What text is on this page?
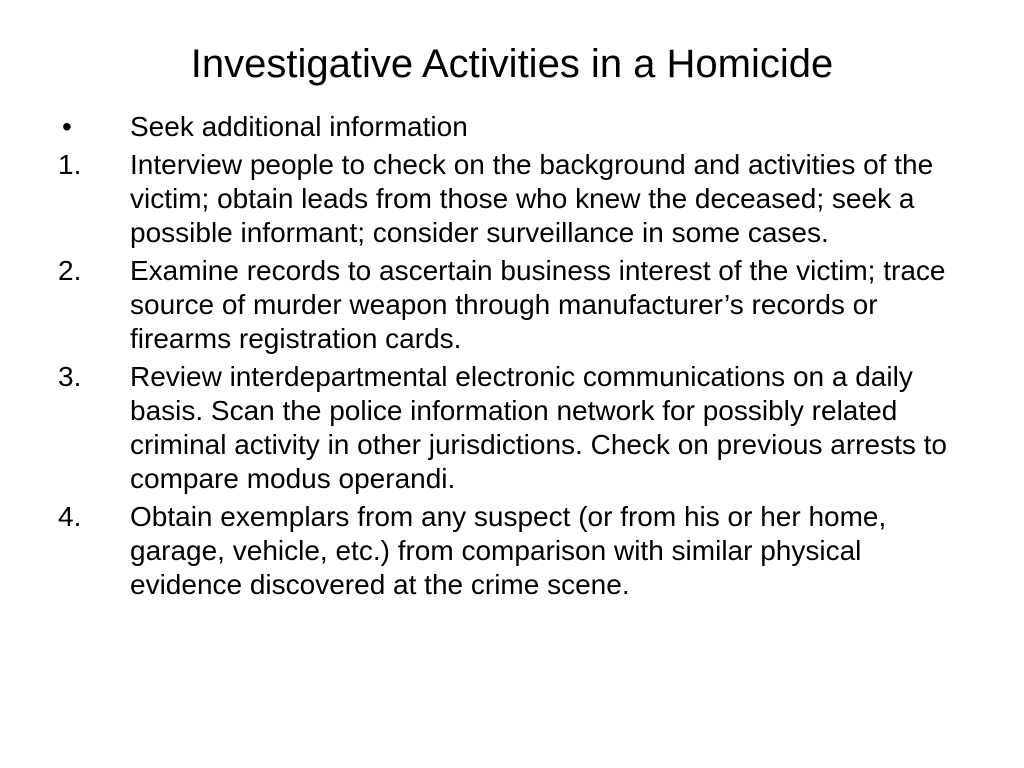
Investigative Activities in a Homicide
•	Seek additional information
1.	Interview people to check on the background and activities of the victim; obtain leads from those who knew the deceased; seek a possible informant; consider surveillance in some cases.
2.	Examine records to ascertain business interest of the victim; trace source of murder weapon through manufacturer’s records or firearms registration cards.
3.	Review interdepartmental electronic communications on a daily basis. Scan the police information network for possibly related criminal activity in other jurisdictions. Check on previous arrests to compare modus operandi.
4.	Obtain exemplars from any suspect (or from his or her home, garage, vehicle, etc.) from comparison with similar physical evidence discovered at the crime scene.
